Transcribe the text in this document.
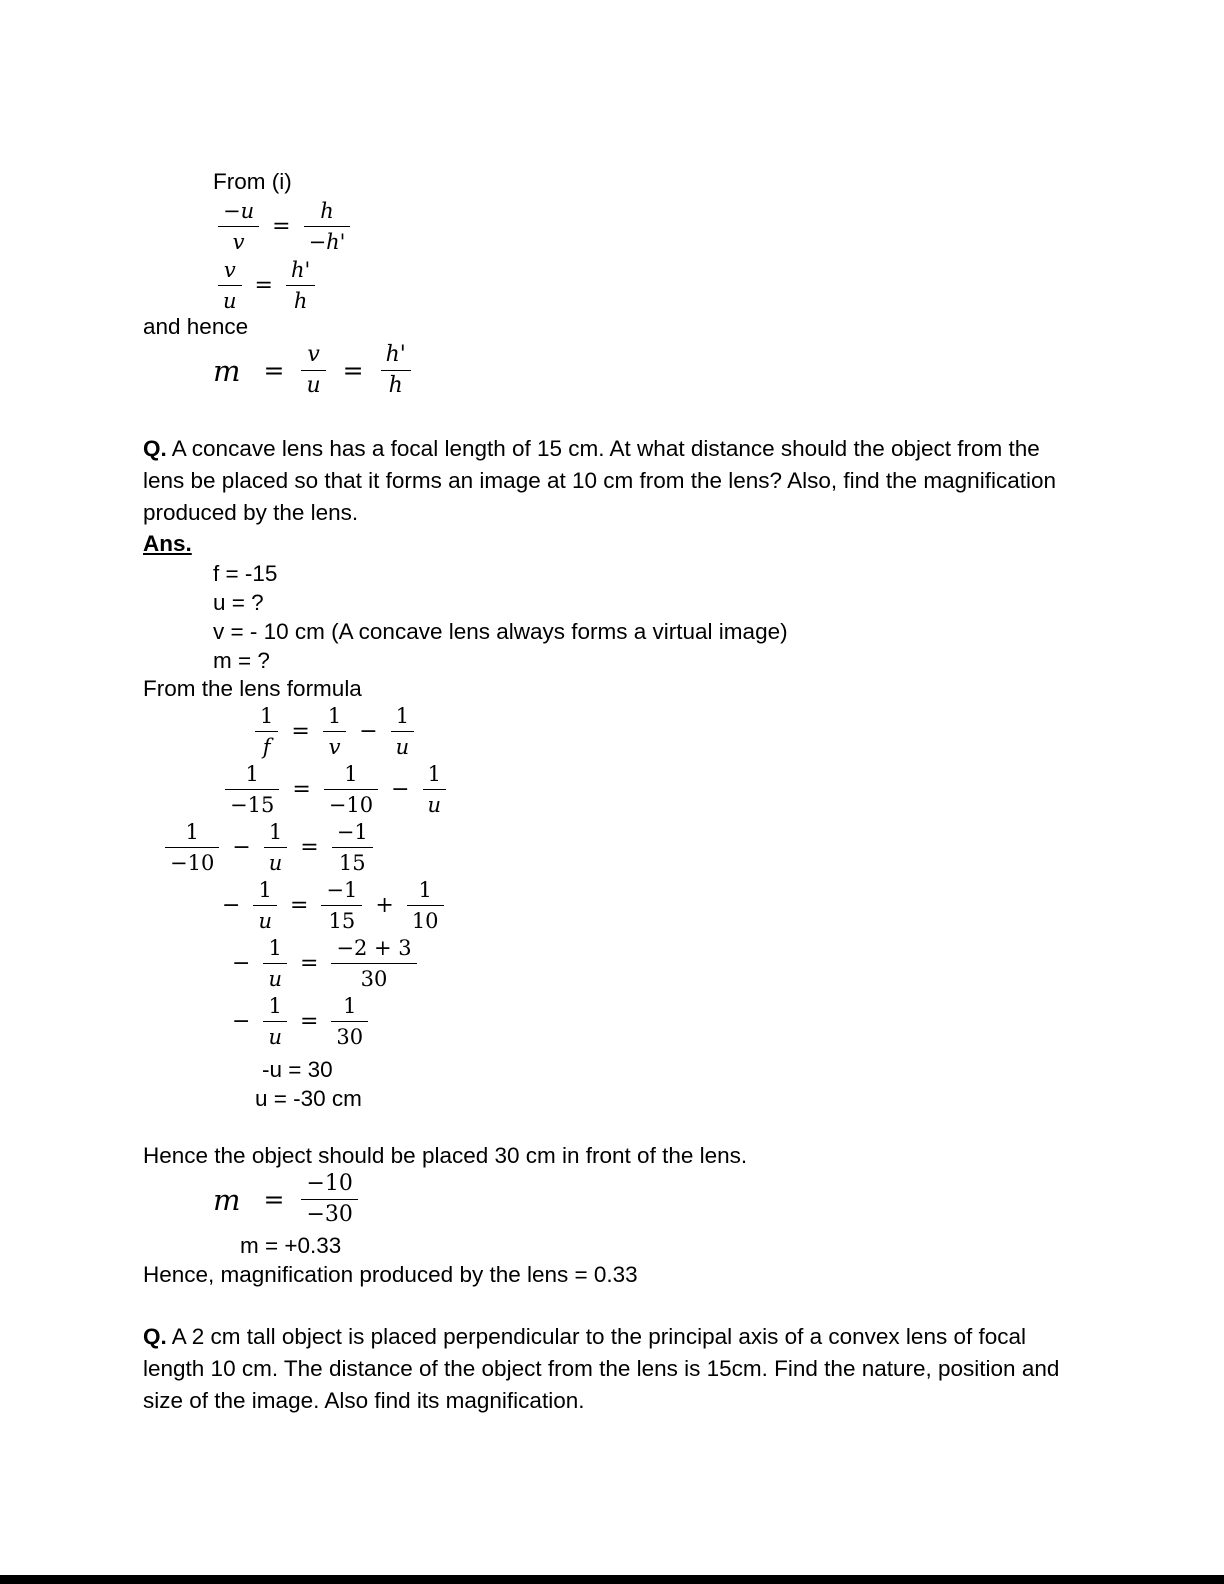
From (i)
$\frac{-u}{v} = \frac{h}{-h'}$
$\frac{v}{u} = \frac{h'}{h}$
and hence
$m = \frac{v}{u} = \frac{h'}{h}$
Q. A concave lens has a focal length of 15 cm. At what distance should the object from the lens be placed so that it forms an image at 10 cm from the lens? Also, find the magnification produced by the lens.
Ans.
f = -15
u = ?
v = - 10 cm (A concave lens always forms a virtual image)
m = ?
From the lens formula
$\frac{1}{f} = \frac{1}{v} - \frac{1}{u}$
$\frac{1}{-15} = \frac{1}{-10} - \frac{1}{u}$
$\frac{1}{-10} - \frac{1}{u} = \frac{-1}{15}$
− $\frac{1}{u} = \frac{-1}{15} + \frac{1}{10}$
− $\frac{1}{u} = \frac{-2 + 3}{30}$
− $\frac{1}{u} = \frac{1}{30}$
-u = 30
u = -30 cm
Hence the object should be placed 30 cm in front of the lens.
$m = \frac{-10}{-30}$
m = +0.33
Hence, magnification produced by the lens = 0.33
Q. A 2 cm tall object is placed perpendicular to the principal axis of a convex lens of focal length 10 cm. The distance of the object from the lens is 15cm. Find the nature, position and size of the image. Also find its magnification.
